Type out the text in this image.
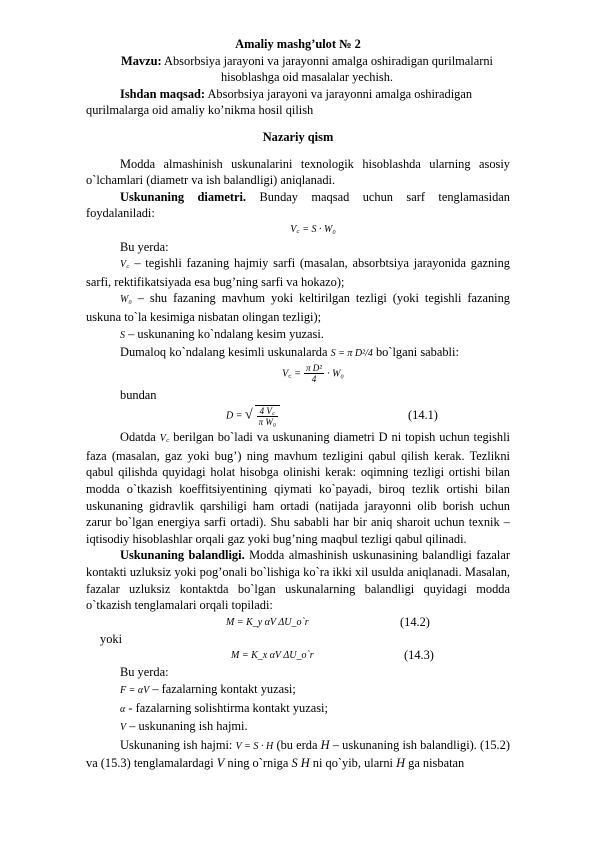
Amaliy mashg’ulot № 2

Mavzu: Absorbsiya jarayoni va jarayonni amalga oshiradigan qurilmalarni
hisoblashga oid masalalar yechish.

Ishdan maqsad: Absorbsiya jarayoni va jarayonni amalga oshiradigan
qurilmalarga oid amaliy ko’nikma hosil qilish

Nazariy qism

Modda almashinish uskunalarini texnologik hisoblashda ularning asosiy o`lchamlari (diametr va ish balandligi) aniqlanadi.

Uskunaning diametri. Bunday maqsad uchun sarf tenglamasidan foydalaniladi:

V꜀ = S · W₀

Bu yerda:

V꜀ – tegishli fazaning hajmiy sarfi (masalan, absorbtsiya jarayonida gazning sarfi, rektifikatsiyada esa bug’ning sarfi va hokazo);

W₀ – shu fazaning mavhum yoki keltirilgan tezligi (yoki tegishli fazaning uskuna to`la kesimiga nisbatan olingan tezligi);

S – uskunaning ko`ndalang kesim yuzasi.

Dumaloq ko`ndalang kesimli uskunalarda S = π D²/4 bo`lgani sababli:

V꜀ = $\frac{\text{π D²}}{4} \cdot W_0$

bundan

D = √ $\frac{4 V꜀}{\text{π W₀}}$	(14.1)

Odatda V꜀ berilgan bo`ladi va uskunaning diametri D ni topish uchun tegishli faza (masalan, gaz yoki bug’) ning mavhum tezligini qabul qilish kerak. Tezlikni qabul qilishda quyidagi holat hisobga olinishi kerak: oqimning tezligi ortishi bilan modda o`tkazish koeffitsiyentining qiymati ko`payadi, biroq tezlik ortishi bilan uskunaning gidravlik qarshiligi ham ortadi (natijada jarayonni olib borish uchun zarur bo`lgan energiya sarfi ortadi). Shu sababli har bir aniq sharoit uchun texnik – iqtisodiy hisoblashlar orqali gaz yoki bug’ning maqbul tezligi qabul qilinadi.

Uskunaning balandligi. Modda almashinish uskunasining balandligi fazalar kontakti uzluksiz yoki pog’onali bo`lishiga ko`ra ikki xil usulda aniqlanadi. Masalan, fazalar uzluksiz kontaktda bo`lgan uskunalarning balandligi quyidagi modda o`tkazish tenglamalari orqali topiladi:

M = K_y αV ΔU_o`r	(14.2)

yoki

M = K_x αV ΔU_o`r	(14.3)

Bu yerda:

F = αV – fazalarning kontakt yuzasi;

α - fazalarning solishtirma kontakt yuzasi;

V – uskunaning ish hajmi.

Uskunaning ish hajmi: V = S · H (bu erda H – uskunaning ish balandligi). (15.2) va (15.3) tenglamalardagi V ning o`rniga S H ni qo`yib, ularni H ga nisbatan
